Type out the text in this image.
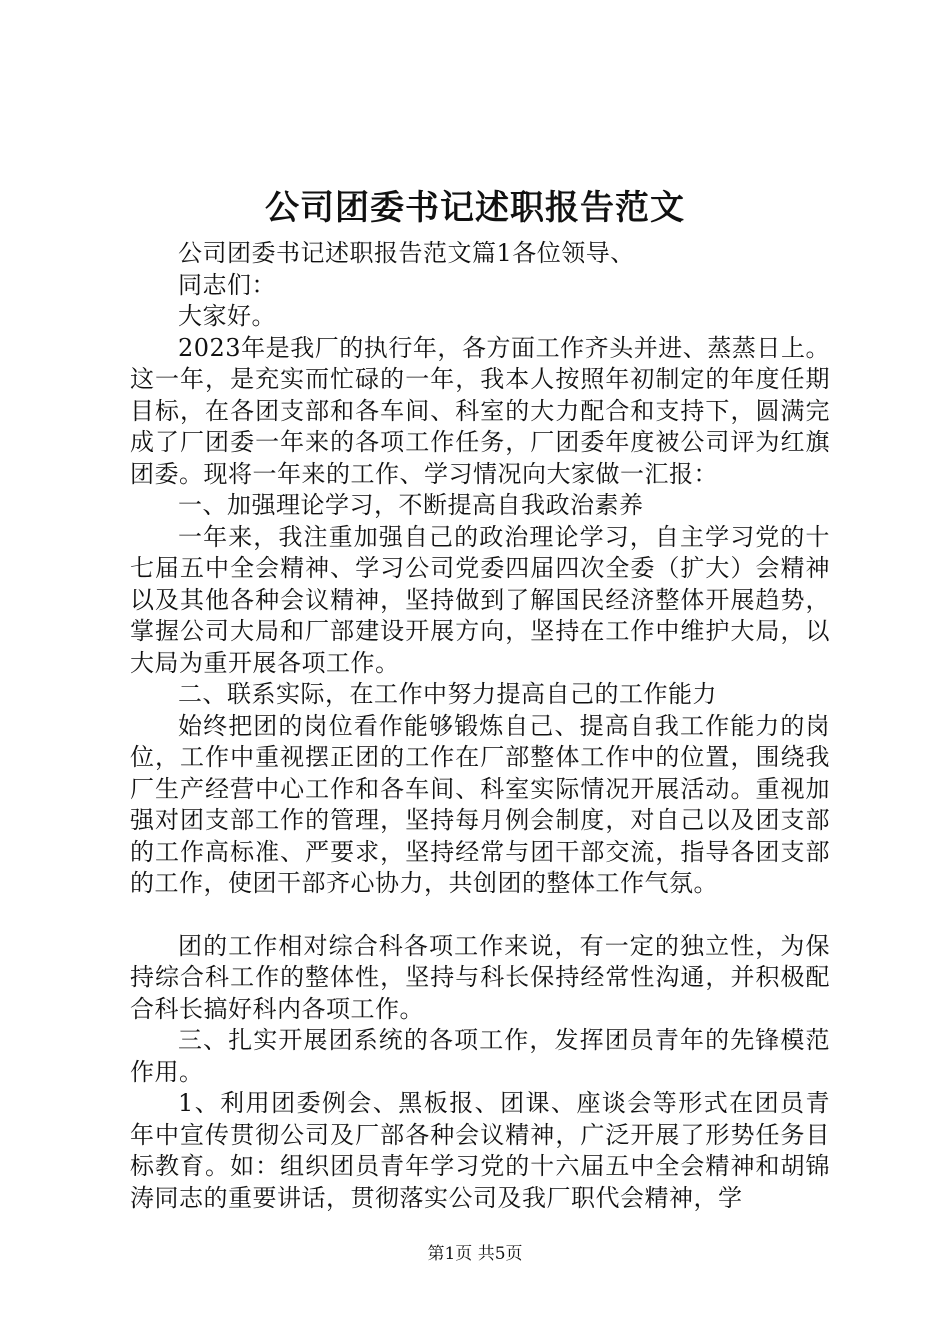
公司团委书记述职报告范文

公司团委书记述职报告范文篇1各位领导、

同志们：

大家好。

2023年是我厂的执行年，各方面工作齐头并进、蒸蒸日上。这一年，是充实而忙碌的一年，我本人按照年初制定的年度任期目标，在各团支部和各车间、科室的大力配合和支持下，圆满完成了厂团委一年来的各项工作任务，厂团委年度被公司评为红旗团委。现将一年来的工作、学习情况向大家做一汇报：

一、加强理论学习，不断提高自我政治素养

一年来，我注重加强自己的政治理论学习，自主学习党的十七届五中全会精神、学习公司党委四届四次全委（扩大）会精神以及其他各种会议精神，坚持做到了解国民经济整体开展趋势，掌握公司大局和厂部建设开展方向，坚持在工作中维护大局，以大局为重开展各项工作。

二、联系实际，在工作中努力提高自己的工作能力

始终把团的岗位看作能够锻炼自己、提高自我工作能力的岗位，工作中重视摆正团的工作在厂部整体工作中的位置，围绕我厂生产经营中心工作和各车间、科室实际情况开展活动。重视加强对团支部工作的管理，坚持每月例会制度，对自己以及团支部的工作高标准、严要求，坚持经常与团干部交流，指导各团支部的工作，使团干部齐心协力，共创团的整体工作气氛。

团的工作相对综合科各项工作来说，有一定的独立性，为保持综合科工作的整体性，坚持与科长保持经常性沟通，并积极配合科长搞好科内各项工作。

三、扎实开展团系统的各项工作，发挥团员青年的先锋模范作用。

1、利用团委例会、黑板报、团课、座谈会等形式在团员青年中宣传贯彻公司及厂部各种会议精神，广泛开展了形势任务目标教育。如：组织团员青年学习党的十六届五中全会精神和胡锦涛同志的重要讲话，贯彻落实公司及我厂职代会精神，学

第1页 共5页
